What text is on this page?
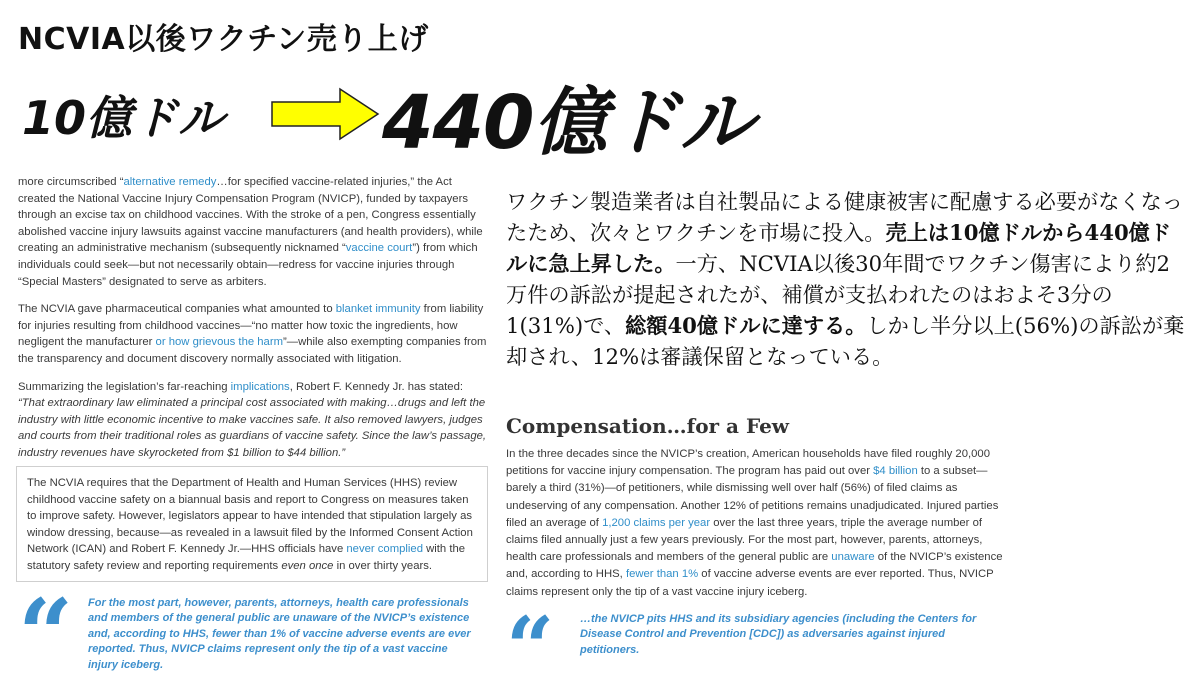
NCVIA以後ワクチン売り上げ
10億ドル 440億ドル

more circumscribed “alternative remedy…for specified vaccine-related injuries,” the Act created the National Vaccine Injury Compensation Program (NVICP), funded by taxpayers through an excise tax on childhood vaccines. With the stroke of a pen, Congress essentially abolished vaccine injury lawsuits against vaccine manufacturers (and health providers), while creating an administrative mechanism (subsequently nicknamed “vaccine court”) from which individuals could seek—but not necessarily obtain—redress for vaccine injuries through “Special Masters” designated to serve as arbiters.

The NCVIA gave pharmaceutical companies what amounted to blanket immunity from liability for injuries resulting from childhood vaccines—“no matter how toxic the ingredients, how negligent the manufacturer or how grievous the harm”—while also exempting companies from the transparency and document discovery normally associated with litigation.

Summarizing the legislation’s far-reaching implications, Robert F. Kennedy Jr. has stated: “That extraordinary law eliminated a principal cost associated with making…drugs and left the industry with little economic incentive to make vaccines safe. It also removed lawyers, judges and courts from their traditional roles as guardians of vaccine safety. Since the law’s passage, industry revenues have skyrocketed from $1 billion to $44 billion.”

The NCVIA requires that the Department of Health and Human Services (HHS) review childhood vaccine safety on a biannual basis and report to Congress on measures taken to improve safety. However, legislators appear to have intended that stipulation largely as window dressing, because—as revealed in a lawsuit filed by the Informed Consent Action Network (ICAN) and Robert F. Kennedy Jr.—HHS officials have never complied with the statutory safety review and reporting requirements even once in over thirty years.
“ For the most part, however, parents, attorneys, health care professionals and members of the general public are unaware of the NVICP’s existence and, according to HHS, fewer than 1% of vaccine adverse events are ever reported. Thus, NVICP claims represent only the tip of a vast vaccine injury iceberg.
ワクチン製造業者は自社製品による健康被害に配慮する必要がなくなったため、次々とワクチンを市場に投入。売上は10億ドルから440億ドルに急上昇した。一方、NCVIA以後30年間でワクチン傷害により約2万件の訴訟が提起されたが、補償が支払われたのはおよそ3分の1(31%)で、総額40億ドルに達する。しかし半分以上(56%)の訴訟が棄却され、12%は審議保留となっている。
Compensation…for a Few
In the three decades since the NVICP’s creation, American households have filed roughly 20,000 petitions for vaccine injury compensation. The program has paid out over $4 billion to a subset—barely a third (31%)—of petitioners, while dismissing well over half (56%) of filed claims as undeserving of any compensation. Another 12% of petitions remains unadjudicated. Injured parties filed an average of 1,200 claims per year over the last three years, triple the average number of claims filed annually just a few years previously. For the most part, however, parents, attorneys, health care professionals and members of the general public are unaware of the NVICP’s existence and, according to HHS, fewer than 1% of vaccine adverse events are ever reported. Thus, NVICP claims represent only the tip of a vast vaccine injury iceberg.
“ …the NVICP pits HHS and its subsidiary agencies (including the Centers for Disease Control and Prevention [CDC]) as adversaries against injured petitioners.
